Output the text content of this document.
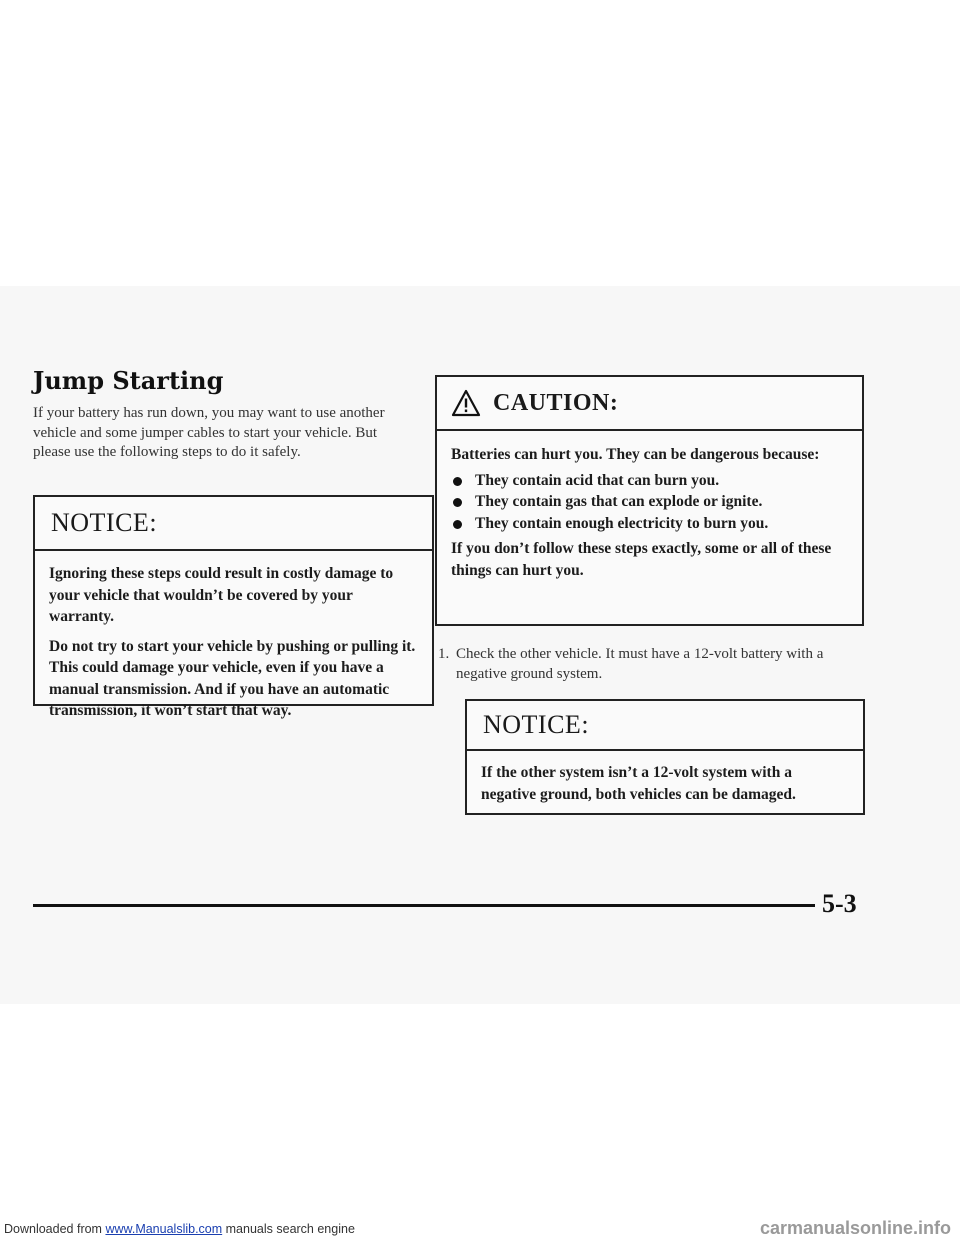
Jump Starting

If your battery has run down, you may want to use another vehicle and some jumper cables to start your vehicle. But please use the following steps to do it safely.

NOTICE:

Ignoring these steps could result in costly damage to your vehicle that wouldn’t be covered by your warranty.

Do not try to start your vehicle by pushing or pulling it. This could damage your vehicle, even if you have a manual transmission. And if you have an automatic transmission, it won’t start that way.

CAUTION:

Batteries can hurt you. They can be dangerous because:

They contain acid that can burn you.
They contain gas that can explode or ignite.
They contain enough electricity to burn you.

If you don’t follow these steps exactly, some or all of these things can hurt you.

1. Check the other vehicle. It must have a 12-volt battery with a negative ground system.

NOTICE:

If the other system isn’t a 12-volt system with a negative ground, both vehicles can be damaged.

5-3

Downloaded from www.Manualslib.com manuals search engine	carmanualsonline.info
